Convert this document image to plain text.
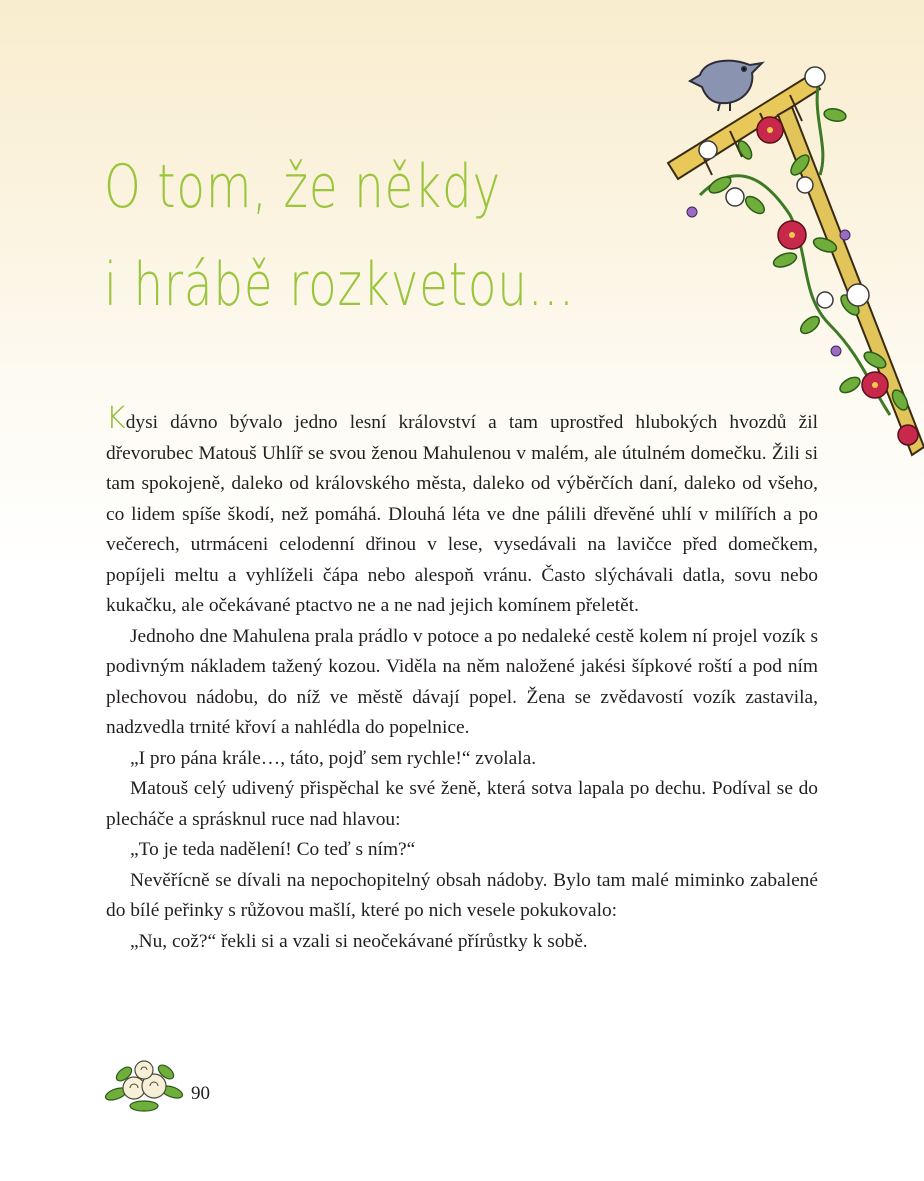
O tom, že někdy
i hrábě rozkvetou...

Kdysi dávno bývalo jedno lesní království a tam uprostřed hlubokých hvozdů žil dřevorubec Matouš Uhlíř se svou ženou Mahulenou v malém, ale útulném domečku. Žili si tam spokojeně, daleko od královského města, daleko od výběrčích daní, daleko od všeho, co lidem spíše škodí, než pomáhá. Dlouhá léta ve dne pálili dřevěné uhlí v milířích a po večerech, utrmáceni celodenní dřinou v lese, vysedávali na lavičce před domečkem, popíjeli meltu a vyhlíželi čápa nebo alespoň vránu. Často slýchávali datla, sovu nebo kukačku, ale očekávané ptactvo ne a ne nad jejich komínem přeletět.

Jednoho dne Mahulena prala prádlo v potoce a po nedaleké cestě kolem ní projel vozík s podivným nákladem tažený kozou. Viděla na něm naložené jakési šípkové roští a pod ním plechovou nádobu, do níž ve městě dávají popel. Žena se zvědavostí vozík zastavila, nadzvedla trnité křoví a nahlédla do popelnice.

„I pro pána krále…, táto, pojď sem rychle!“ zvolala.

Matouš celý udivený přispěchal ke své ženě, která sotva lapala po dechu. Podíval se do plecháče a sprásknul ruce nad hlavou:

„To je teda nadělení! Co teď s ním?“

Nevěřícně se dívali na nepochopitelný obsah nádoby. Bylo tam malé miminko zabalené do bílé peřinky s růžovou mašlí, které po nich vesele pokukovalo:

„Nu, což?“ řekli si a vzali si neočekávané přírůstky k sobě.

90
